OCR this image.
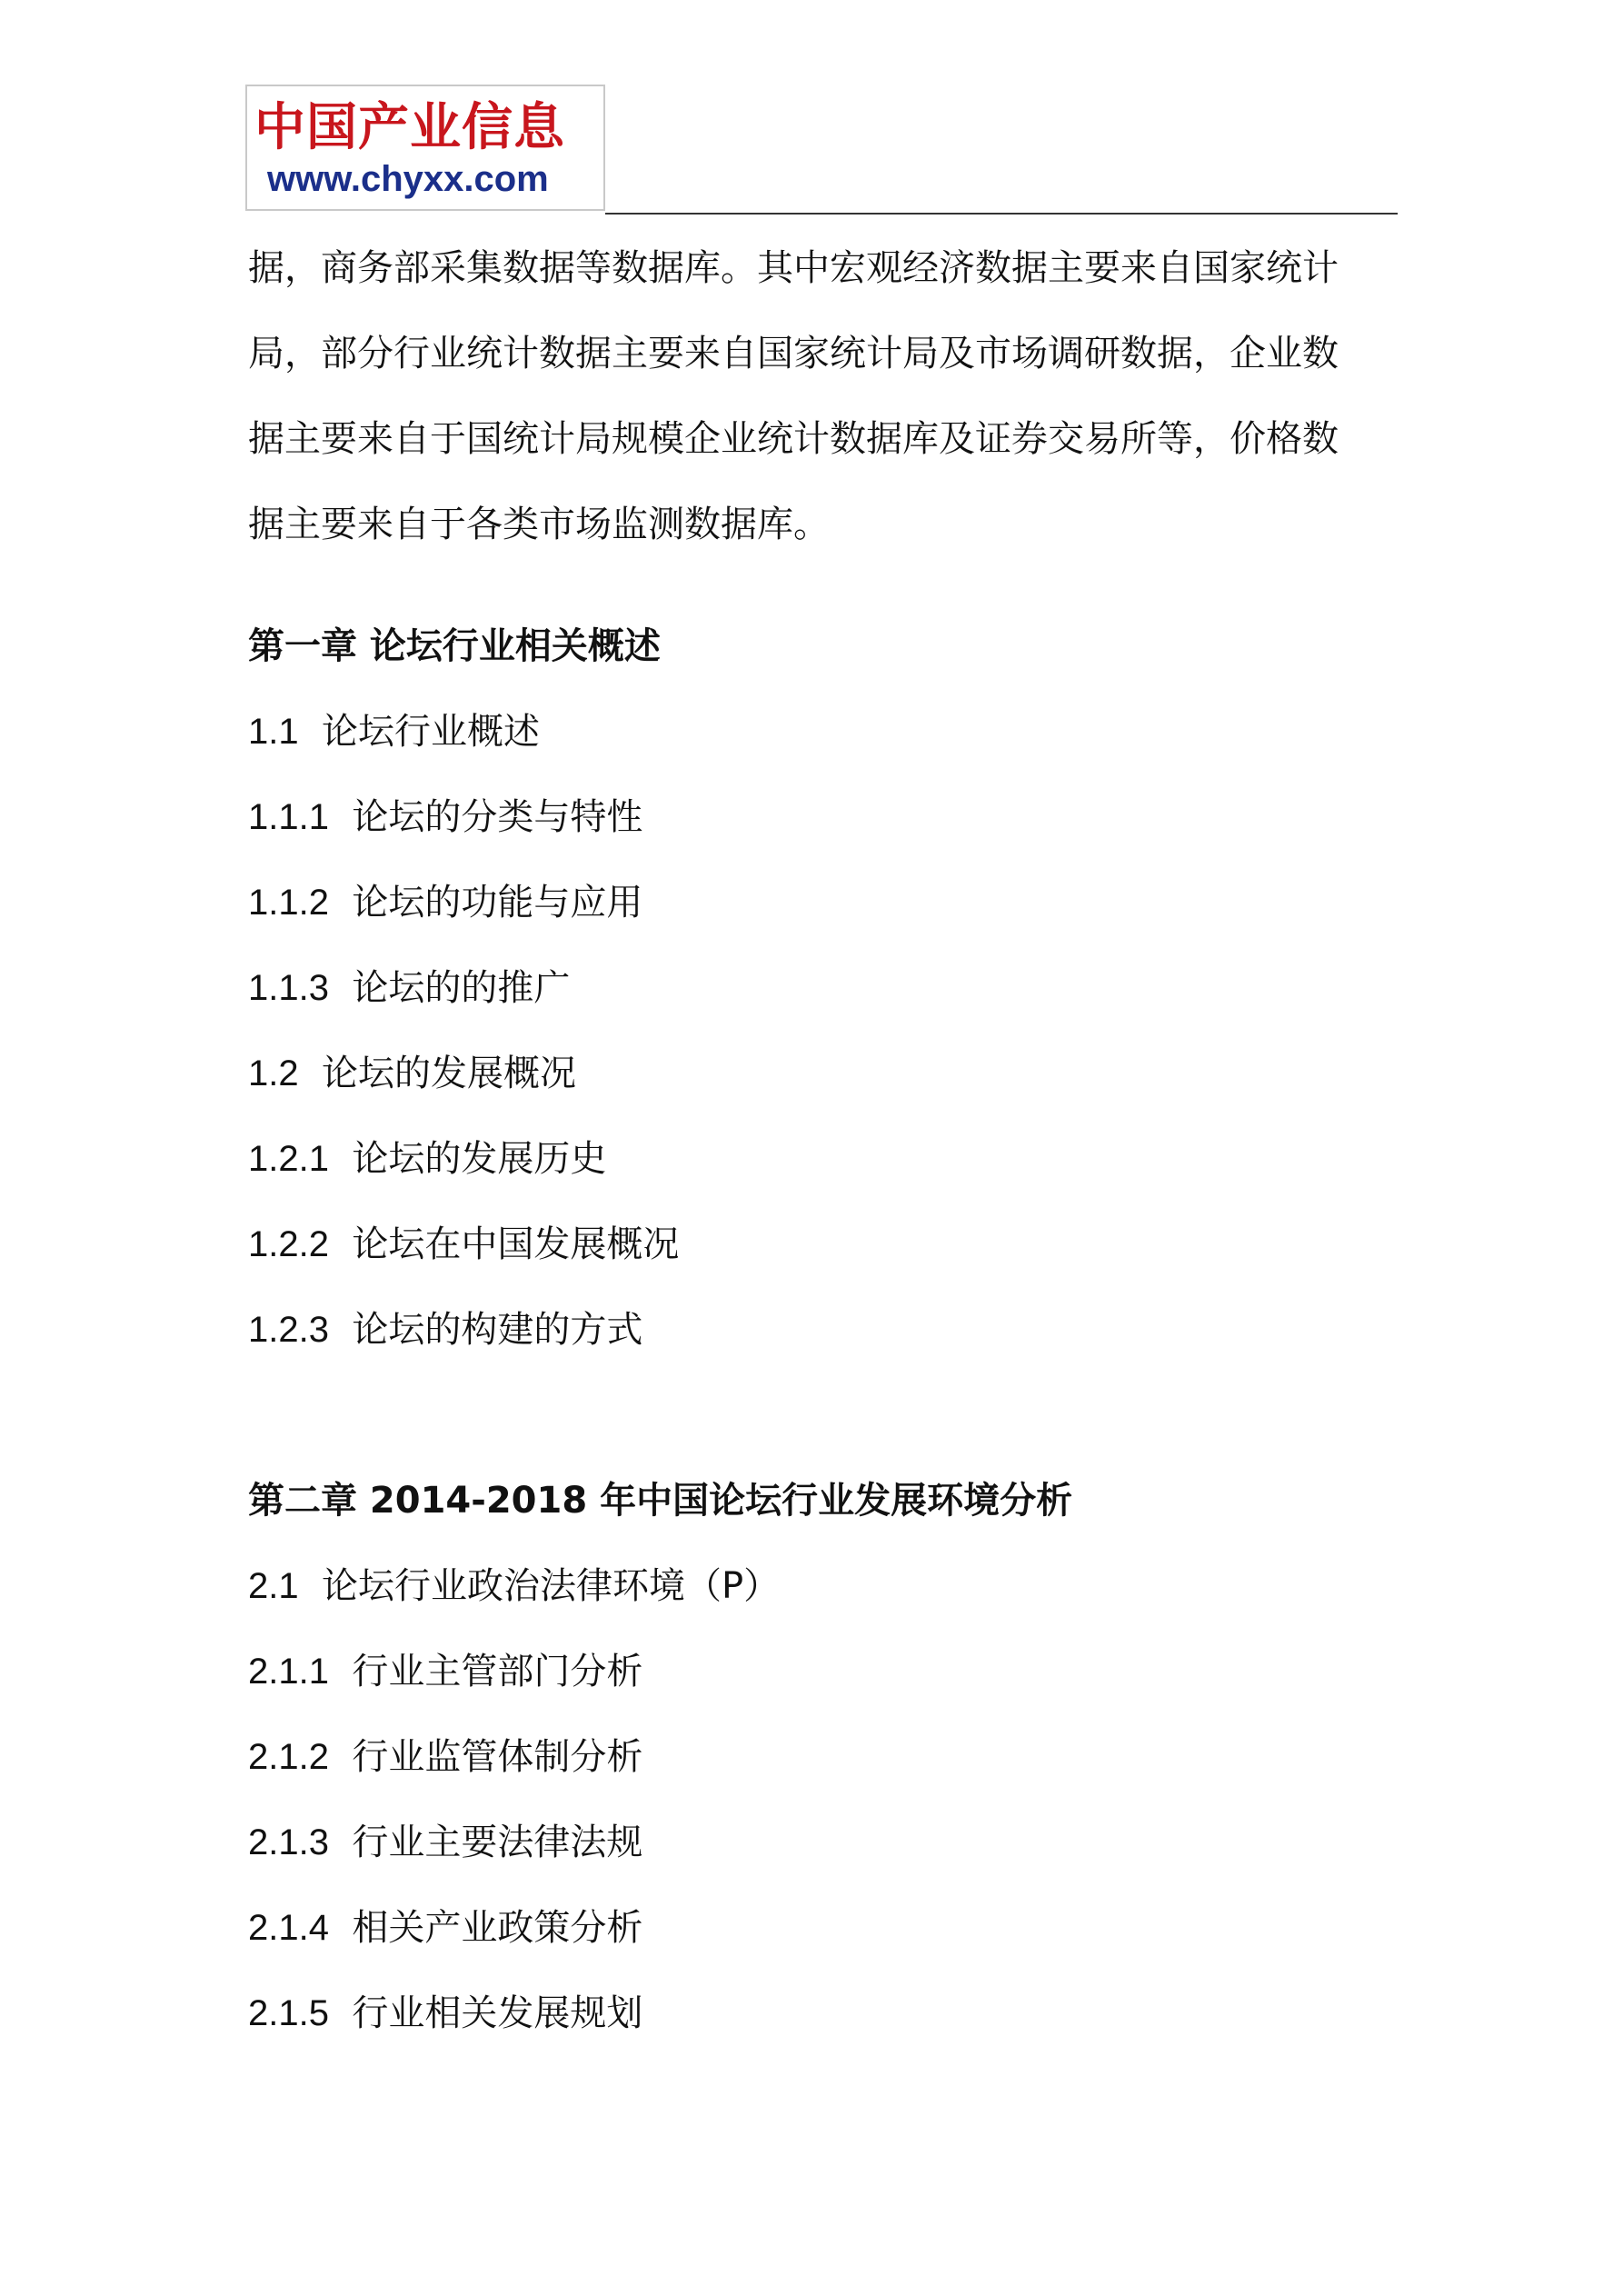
中国产业信息
www.chyxx.com

据，商务部采集数据等数据库。其中宏观经济数据主要来自国家统计

局，部分行业统计数据主要来自国家统计局及市场调研数据，企业数

据主要来自于国统计局规模企业统计数据库及证券交易所等，价格数

据主要来自于各类市场监测数据库。

第一章 论坛行业相关概述

1.1 论坛行业概述

1.1.1 论坛的分类与特性

1.1.2 论坛的功能与应用

1.1.3 论坛的的推广

1.2 论坛的发展概况

1.2.1 论坛的发展历史

1.2.2 论坛在中国发展概况

1.2.3 论坛的构建的方式

第二章 2014-2018 年中国论坛行业发展环境分析

2.1 论坛行业政治法律环境（P）

2.1.1 行业主管部门分析

2.1.2 行业监管体制分析

2.1.3 行业主要法律法规

2.1.4 相关产业政策分析

2.1.5 行业相关发展规划
